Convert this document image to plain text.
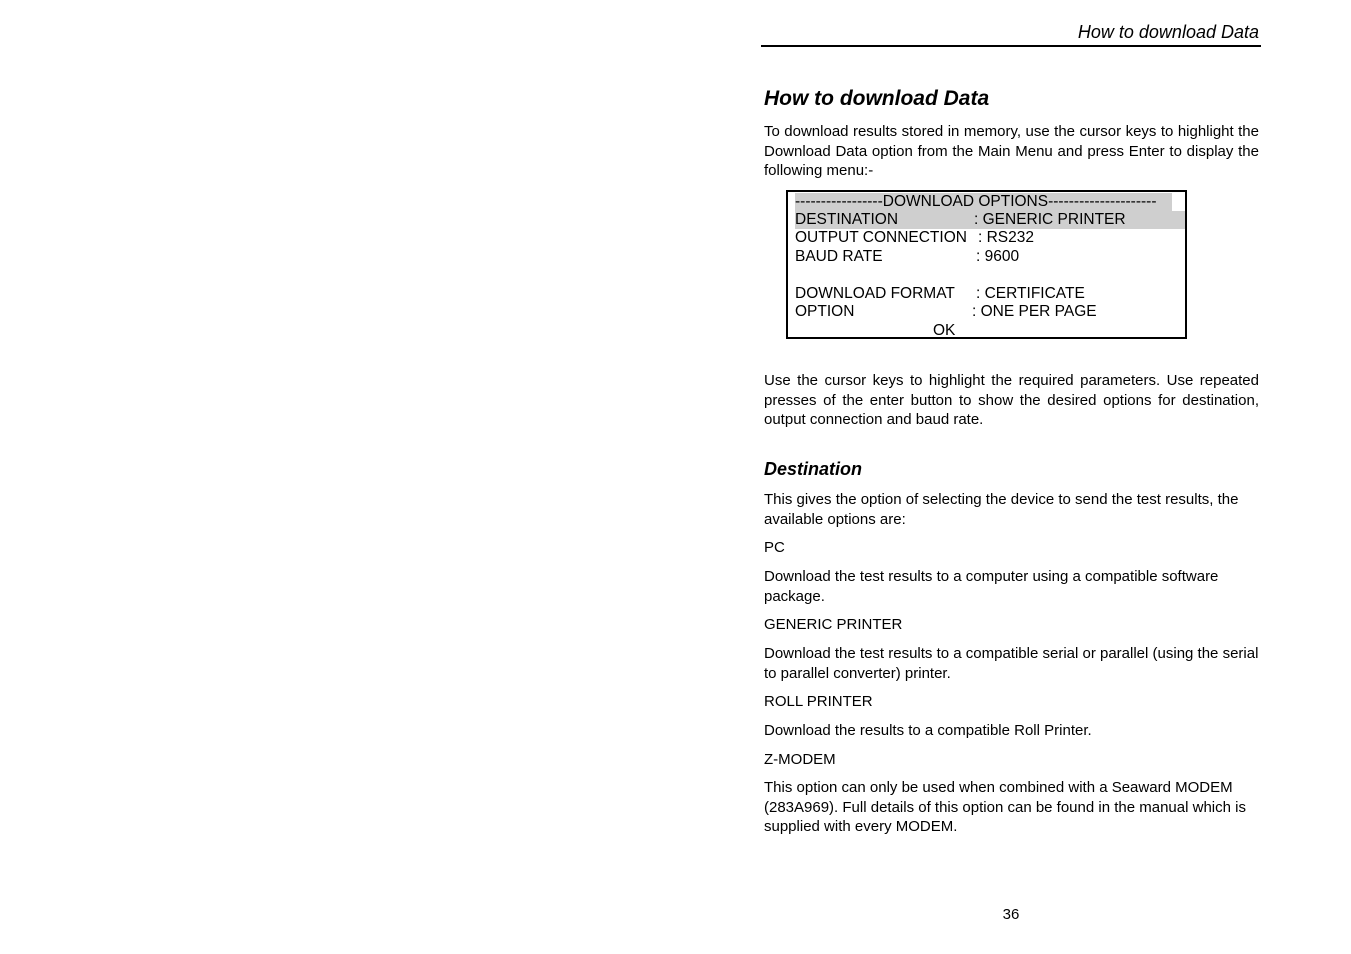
How to download Data
How to download Data

To download results stored in memory, use the cursor keys to highlight the Download Data option from the Main Menu and press Enter to display the following menu:-

-----------------DOWNLOAD OPTIONS---------------------
DESTINATION	: GENERIC PRINTER
OUTPUT CONNECTION : RS232
BAUD RATE	: 9600
DOWNLOAD FORMAT : CERTIFICATE
OPTION	: ONE PER PAGE
OK

Use the cursor keys to highlight the required parameters. Use repeated presses of the enter button to show the desired options for destination, output connection and baud rate.

Destination

This gives the option of selecting the device to send the test results, the available options are:

PC

Download the test results to a computer using a compatible software package.

GENERIC PRINTER

Download the test results to a compatible serial or parallel (using the serial to parallel converter) printer.

ROLL PRINTER

Download the results to a compatible Roll Printer.

Z-MODEM

This option can only be used when combined with a Seaward MODEM (283A969). Full details of this option can be found in the manual which is supplied with every MODEM.

36
